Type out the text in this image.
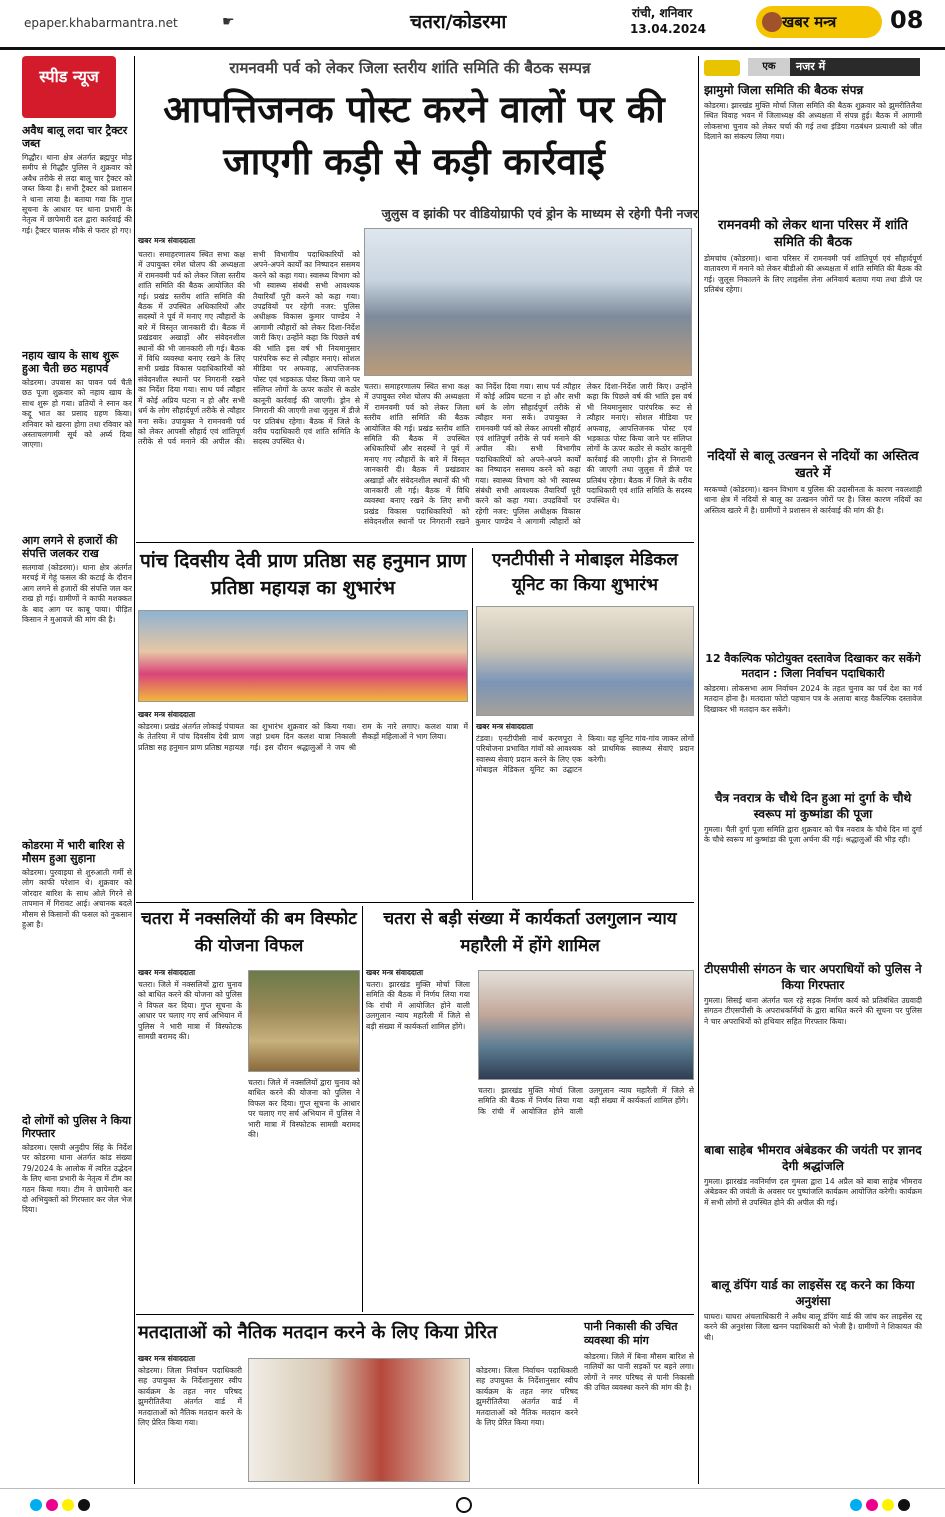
epaper.khabarmantra.net	☛	चतरा/कोडरमा	रांची, शनिवार
13.04.2024	खबर मन्त्र	08
स्पीड न्यूज	रामनवमी पर्व को लेकर जिला स्तरीय शांति समिति की बैठक सम्पन्न
आपत्तिजनक पोस्ट करने वालों पर की जाएगी कड़ी से कड़ी कार्रवाई
जुलुस व झांकी पर वीडियोग्राफी एवं ड्रोन के माध्यम से रहेगी पैनी नजर
अवैध बालू लदा चार ट्रैक्टर जब्त
गिद्धौर। थाना क्षेत्र अंतर्गत ब्रह्मपुर मोड़ समीप से गिद्धौर पुलिस ने शुक्रवार को अवैध तरीके से लदा बालू चार ट्रैक्टर को जब्त किया है। सभी ट्रैक्टर को प्रशासन ने थाना लाया है। बताया गया कि गुप्त सूचना के आधार पर थाना प्रभारी के नेतृत्व में छापेमारी दल द्वारा कार्रवाई की गई। ट्रैक्टर चालक मौके से फरार हो गए।
नहाय खाय के साथ शुरू हुआ चैती छठ महापर्व
कोडरमा। उपवास का पावन पर्व चैती छठ पूजा शुक्रवार को नहाय खाय के साथ शुरू हो गया। व्रतियों ने स्नान कर कद्दू भात का प्रसाद ग्रहण किया। शनिवार को खरना होगा तथा रविवार को अस्ताचलगामी सूर्य को अर्घ्य दिया जाएगा।
आग लगने से हजारों की संपत्ति जलकर राख
सतगावां (कोडरमा)। थाना क्षेत्र अंतर्गत मरचई में गेहूं फसल की कटाई के दौरान आग लगने से हजारों की संपत्ति जल कर राख हो गई। ग्रामीणों ने काफी मशक्कत के बाद आग पर काबू पाया। पीड़ित किसान ने मुआवजे की मांग की है।
कोडरमा में भारी बारिश से मौसम हुआ सुहाना
कोडरमा। पुरवाइया से शुरुआती गर्मी से लोग काफी परेशान थे। शुक्रवार को जोरदार बारिश के साथ ओले गिरने से तापमान में गिरावट आई। अचानक बदले मौसम से किसानों की फसल को नुकसान हुआ है।
दो लोगों को पुलिस ने किया गिरफ्तार
कोडरमा। एसपी अनुदीप सिंह के निर्देश पर कोडरमा थाना अंतर्गत कांड संख्या 79/2024 के आलोक में त्वरित उद्भेदन के लिए थाना प्रभारी के नेतृत्व में टीम का गठन किया गया। टीम ने छापेमारी कर दो अभियुक्तों को गिरफ्तार कर जेल भेज दिया।
खबर मन्त्र संवाददाता
चतरा। समाहरणालय स्थित सभा कक्ष में उपायुक्त रमेश घोलप की अध्यक्षता में रामनवमी पर्व को लेकर जिला स्तरीय शांति समिति की बैठक आयोजित की गई। प्रखंड स्तरीय शांति समिति की बैठक में उपस्थित अधिकारियों और सदस्यों ने पूर्व में मनाए गए त्यौहारों के बारे में विस्तृत जानकारी दी। बैठक में प्रखंडवार अखाड़ों और संवेदनशील स्थानों की भी जानकारी ली गई। बैठक में विधि व्यवस्था बनाए रखने के लिए सभी प्रखंड विकास पदाधिकारियों को संवेदनशील स्थानों पर निगरानी रखने का निर्देश दिया गया। साथ पर्व त्यौहार में कोई अप्रिय घटना न हो और सभी धर्म के लोग सौहार्दपूर्ण तरीके से त्यौहार मना सकें। उपायुक्त ने रामनवमी पर्व को लेकर आपसी सौहार्द एवं शांतिपूर्ण तरीके से पर्व मनाने की अपील की। सभी विभागीय पदाधिकारियों को अपने-अपने कार्यों का निष्पादन ससमय करने को कहा गया। स्वास्थ्य विभाग को भी स्वास्थ्य संबंधी सभी आवश्यक तैयारियाँ पूरी करने को कहा गया। उपद्रवियों पर रहेगी नजर: पुलिस अधीक्षक विकास कुमार पाण्डेय ने आगामी त्यौहारों को लेकर दिशा-निर्देश जारी किए। उन्होंने कहा कि पिछले वर्ष की भांति इस वर्ष भी नियमानुसार पारंपरिक रूट से त्यौहार मनाएं। सोशल मीडिया पर अफवाह, आपत्तिजनक पोस्ट एवं भड़काऊ पोस्ट किया जाने पर संलिप्त लोगों के ऊपर कठोर से कठोर कानूनी कार्रवाई की जाएगी। ड्रोन से निगरानी की जाएगी तथा जुलुस में डीजे पर प्रतिबंध रहेगा। बैठक में जिले के वरीय पदाधिकारी एवं शांति समिति के सदस्य उपस्थित थे।
चतरा। समाहरणालय स्थित सभा कक्ष में उपायुक्त रमेश घोलप की अध्यक्षता में रामनवमी पर्व को लेकर जिला स्तरीय शांति समिति की बैठक आयोजित की गई। प्रखंड स्तरीय शांति समिति की बैठक में उपस्थित अधिकारियों और सदस्यों ने पूर्व में मनाए गए त्यौहारों के बारे में विस्तृत जानकारी दी। बैठक में प्रखंडवार अखाड़ों और संवेदनशील स्थानों की भी जानकारी ली गई। बैठक में विधि व्यवस्था बनाए रखने के लिए सभी प्रखंड विकास पदाधिकारियों को संवेदनशील स्थानों पर निगरानी रखने का निर्देश दिया गया। साथ पर्व त्यौहार में कोई अप्रिय घटना न हो और सभी धर्म के लोग सौहार्दपूर्ण तरीके से त्यौहार मना सकें। उपायुक्त ने रामनवमी पर्व को लेकर आपसी सौहार्द एवं शांतिपूर्ण तरीके से पर्व मनाने की अपील की। सभी विभागीय पदाधिकारियों को अपने-अपने कार्यों का निष्पादन ससमय करने को कहा गया। स्वास्थ्य विभाग को भी स्वास्थ्य संबंधी सभी आवश्यक तैयारियाँ पूरी करने को कहा गया। उपद्रवियों पर रहेगी नजर: पुलिस अधीक्षक विकास कुमार पाण्डेय ने आगामी त्यौहारों को लेकर दिशा-निर्देश जारी किए। उन्होंने कहा कि पिछले वर्ष की भांति इस वर्ष भी नियमानुसार पारंपरिक रूट से त्यौहार मनाएं। सोशल मीडिया पर अफवाह, आपत्तिजनक पोस्ट एवं भड़काऊ पोस्ट किया जाने पर संलिप्त लोगों के ऊपर कठोर से कठोर कानूनी कार्रवाई की जाएगी। ड्रोन से निगरानी की जाएगी तथा जुलुस में डीजे पर प्रतिबंध रहेगा। बैठक में जिले के वरीय पदाधिकारी एवं शांति समिति के सदस्य उपस्थित थे।
पांच दिवसीय देवी प्राण प्रतिष्ठा सह हनुमान प्राण प्रतिष्ठा महायज्ञ का शुभारंभ
खबर मन्त्र संवाददाता
कोडरमा। प्रखंड अंतर्गत लोकाई पंचायत के तेतरिया में पांच दिवसीय देवी प्राण प्रतिष्ठा सह हनुमान प्राण प्रतिष्ठा महायज्ञ का शुभारंभ शुक्रवार को किया गया। जहां प्रथम दिन कलश यात्रा निकाली गई। इस दौरान श्रद्धालुओं ने जय श्री राम के नारे लगाए। कलश यात्रा में सैकड़ों महिलाओं ने भाग लिया।
एनटीपीसी ने मोबाइल मेडिकल यूनिट का किया शुभारंभ
खबर मन्त्र संवाददाता
टंडवा। एनटीपीसी नार्थ करणपुरा ने परियोजना प्रभावित गांवों को आवश्यक स्वास्थ्य सेवाएं प्रदान करने के लिए एक मोबाइल मेडिकल यूनिट का उद्घाटन किया। यह यूनिट गांव-गांव जाकर लोगों को प्राथमिक स्वास्थ्य सेवाएं प्रदान करेगी।
चतरा में नक्सलियों की बम विस्फोट की योजना विफल
खबर मन्त्र संवाददाता
चतरा। जिले में नक्सलियों द्वारा चुनाव को बाधित करने की योजना को पुलिस ने विफल कर दिया। गुप्त सूचना के आधार पर चलाए गए सर्च अभियान में पुलिस ने भारी मात्रा में विस्फोटक सामग्री बरामद की।
चतरा। जिले में नक्सलियों द्वारा चुनाव को बाधित करने की योजना को पुलिस ने विफल कर दिया। गुप्त सूचना के आधार पर चलाए गए सर्च अभियान में पुलिस ने भारी मात्रा में विस्फोटक सामग्री बरामद की।
चतरा से बड़ी संख्या में कार्यकर्ता उलगुलान न्याय महारैली में होंगे शामिल
खबर मन्त्र संवाददाता
चतरा। झारखंड मुक्ति मोर्चा जिला समिति की बैठक में निर्णय लिया गया कि रांची में आयोजित होने वाली उलगुलान न्याय महारैली में जिले से बड़ी संख्या में कार्यकर्ता शामिल होंगे।
चतरा। झारखंड मुक्ति मोर्चा जिला समिति की बैठक में निर्णय लिया गया कि रांची में आयोजित होने वाली उलगुलान न्याय महारैली में जिले से बड़ी संख्या में कार्यकर्ता शामिल होंगे।
मतदाताओं को नैतिक मतदान करने के लिए किया प्रेरित
खबर मन्त्र संवाददाता
कोडरमा। जिला निर्वाचन पदाधिकारी सह उपायुक्त के निर्देशानुसार स्वीप कार्यक्रम के तहत नगर परिषद झुमरीतिलैया अंतर्गत वार्ड में मतदाताओं को नैतिक मतदान करने के लिए प्रेरित किया गया।
कोडरमा। जिला निर्वाचन पदाधिकारी सह उपायुक्त के निर्देशानुसार स्वीप कार्यक्रम के तहत नगर परिषद झुमरीतिलैया अंतर्गत वार्ड में मतदाताओं को नैतिक मतदान करने के लिए प्रेरित किया गया।
पानी निकासी की उचित व्यवस्था की मांग
कोडरमा। जिले में बिना मौसम बारिश से नालियों का पानी सड़कों पर बहने लगा। लोगों ने नगर परिषद से पानी निकासी की उचित व्यवस्था करने की मांग की है।
एक	नजर में
झामुमो जिला समिति की बैठक संपन्न
कोडरमा। झारखंड मुक्ति मोर्चा जिला समिति की बैठक शुक्रवार को झुमरीतिलैया स्थित विवाह भवन में जिलाध्यक्ष की अध्यक्षता में संपन्न हुई। बैठक में आगामी लोकसभा चुनाव को लेकर चर्चा की गई तथा इंडिया गठबंधन प्रत्याशी को जीत दिलाने का संकल्प लिया गया।
रामनवमी को लेकर थाना परिसर में शांति समिति की बैठक
डोमचांच (कोडरमा)। थाना परिसर में रामनवमी पर्व शांतिपूर्ण एवं सौहार्दपूर्ण वातावरण में मनाने को लेकर बीडीओ की अध्यक्षता में शांति समिति की बैठक की गई। जुलूस निकालने के लिए लाइसेंस लेना अनिवार्य बताया गया तथा डीजे पर प्रतिबंध रहेगा।
नदियों से बालू उत्खनन से नदियों का अस्तित्व खतरे में
मरकच्चो (कोडरमा)। खनन विभाग व पुलिस की उदासीनता के कारण नवलशाही थाना क्षेत्र में नदियों से बालू का उत्खनन जोरों पर है। जिस कारण नदियों का अस्तित्व खतरे में है। ग्रामीणों ने प्रशासन से कार्रवाई की मांग की है।
12 वैकल्पिक फोटोयुक्त दस्तावेज दिखाकर कर सकेंगे मतदान : जिला निर्वाचन पदाधिकारी
कोडरमा। लोकसभा आम निर्वाचन 2024 के तहत चुनाव का पर्व देश का गर्व मतदान होना है। मतदाता फोटो पहचान पत्र के अलावा बारह वैकल्पिक दस्तावेज दिखाकर भी मतदान कर सकेंगे।
चैत्र नवरात्र के चौथे दिन हुआ मां दुर्गा के चौथे स्वरूप मां कुष्मांडा की पूजा
गुमला। चैती दुर्गा पूजा समिति द्वारा शुक्रवार को चैत्र नवरात्र के चौथे दिन मां दुर्गा के चौथे स्वरूप मां कुष्मांडा की पूजा अर्चना की गई। श्रद्धालुओं की भीड़ रही।
टीएसपीसी संगठन के चार अपराधियों को पुलिस ने किया गिरफ्तार
गुमला। सिसई थाना अंतर्गत चल रहे सड़क निर्माण कार्य को प्रतिबंधित उग्रवादी संगठन टीएसपीसी के अपराधकर्मियों के द्वारा बाधित करने की सूचना पर पुलिस ने चार अपराधियों को हथियार सहित गिरफ्तार किया।
बाबा साहेब भीमराव अंबेडकर की जयंती पर ज्ञानद देगी श्रद्धांजलि
गुमला। झारखंड नवनिर्माण दल गुमला द्वारा 14 अप्रैल को बाबा साहेब भीमराव अंबेडकर की जयंती के अवसर पर पुष्पांजलि कार्यक्रम आयोजित करेगी। कार्यक्रम में सभी लोगों से उपस्थित होने की अपील की गई।
बालू डंपिंग यार्ड का लाइसेंस रद्द करने का किया अनुशंसा
घाघरा। घाघरा अंचलाधिकारी ने अवैध बालू डंपिंग यार्ड की जांच कर लाइसेंस रद्द करने की अनुशंसा जिला खनन पदाधिकारी को भेजी है। ग्रामीणों ने शिकायत की थी।
